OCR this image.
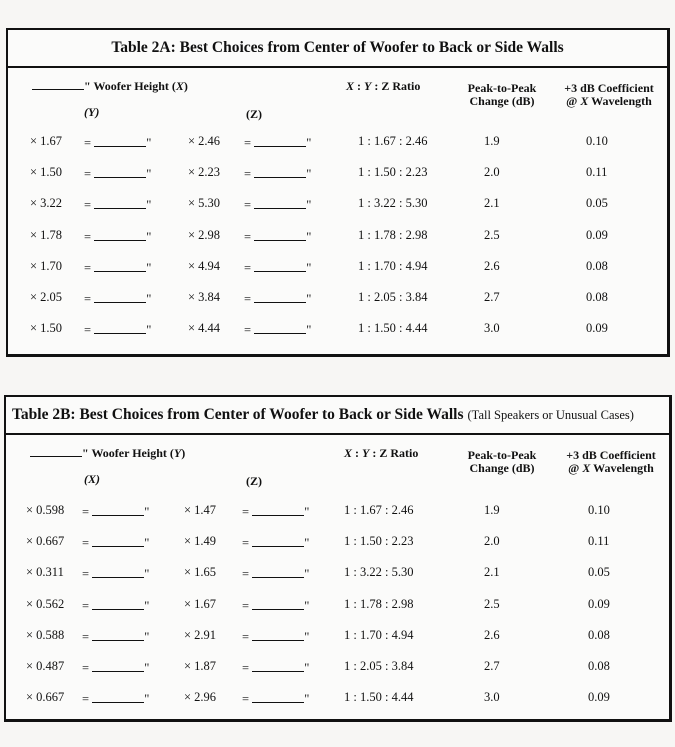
Table 2A: Best Choices from Center of Woofer to Back or Side Walls
" Woofer Height (X)
(Y)	(Z)
X : Y : Z Ratio	Peak-to-Peak
Change (dB)
+3 dB Coefficient
@ X Wavelength
× 1.67 =	"	× 2.46 =	"	1 : 1.67 : 2.46	1.9	0.10
× 1.50 =	"	× 2.23 =	"	1 : 1.50 : 2.23	2.0	0.11
× 3.22 =	"	× 5.30 =	"	1 : 3.22 : 5.30	2.1	0.05
× 1.78 =	"	× 2.98 =	"	1 : 1.78 : 2.98	2.5	0.09
× 1.70 =	"	× 4.94 =	"	1 : 1.70 : 4.94	2.6	0.08
× 2.05 =	"	× 3.84 =	"	1 : 2.05 : 3.84	2.7	0.08
× 1.50 =	"	× 4.44 =	"	1 : 1.50 : 4.44	3.0	0.09
Table 2B: Best Choices from Center of Woofer to Back or Side Walls (Tall Speakers or Unusual Cases)
" Woofer Height (Y)
(X)	(Z)
X : Y : Z Ratio	Peak-to-Peak
Change (dB)
+3 dB Coefficient
@ X Wavelength
× 0.598 =	"	× 1.47 =	"	1 : 1.67 : 2.46	1.9	0.10
× 0.667 =	"	× 1.49 =	"	1 : 1.50 : 2.23	2.0	0.11
× 0.311 =	"	× 1.65 =	"	1 : 3.22 : 5.30	2.1	0.05
× 0.562 =	"	× 1.67 =	"	1 : 1.78 : 2.98	2.5	0.09
× 0.588 =	"	× 2.91 =	"	1 : 1.70 : 4.94	2.6	0.08
× 0.487 =	"	× 1.87 =	"	1 : 2.05 : 3.84	2.7	0.08
× 0.667 =	"	× 2.96 =	"	1 : 1.50 : 4.44	3.0	0.09
